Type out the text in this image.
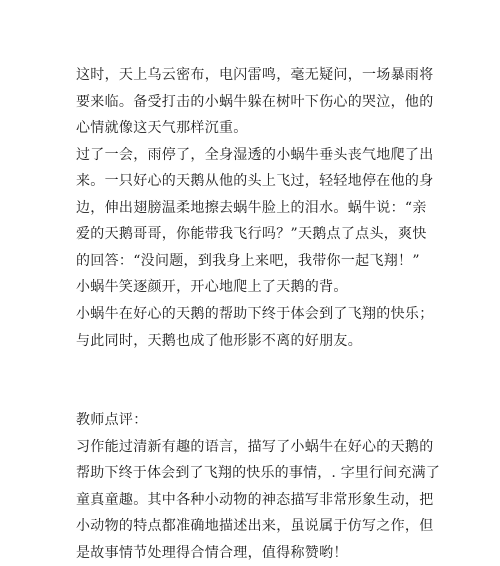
这时，天上乌云密布，电闪雷鸣，毫无疑问，一场暴雨将
要来临。备受打击的小蜗牛躲在树叶下伤心的哭泣，他的
心情就像这天气那样沉重。
过了一会，雨停了，全身湿透的小蜗牛垂头丧气地爬了出
来。一只好心的天鹅从他的头上飞过，轻轻地停在他的身
边，伸出翅膀温柔地擦去蜗牛脸上的泪水。蜗牛说：“亲
爱的天鹅哥哥，你能带我飞行吗？”天鹅点了点头，爽快
的回答：“没问题，到我身上来吧，我带你一起飞翔！”
小蜗牛笑逐颜开，开心地爬上了天鹅的背。
小蜗牛在好心的天鹅的帮助下终于体会到了飞翔的快乐；
与此同时，天鹅也成了他形影不离的好朋友。
教师点评：
习作能过清新有趣的语言，描写了小蜗牛在好心的天鹅的
帮助下终于体会到了飞翔的快乐的事情，. 字里行间充满了
童真童趣。其中各种小动物的神态描写非常形象生动，把
小动物的特点都准确地描述出来，虽说属于仿写之作，但
是故事情节处理得合情合理，值得称赞哟！
